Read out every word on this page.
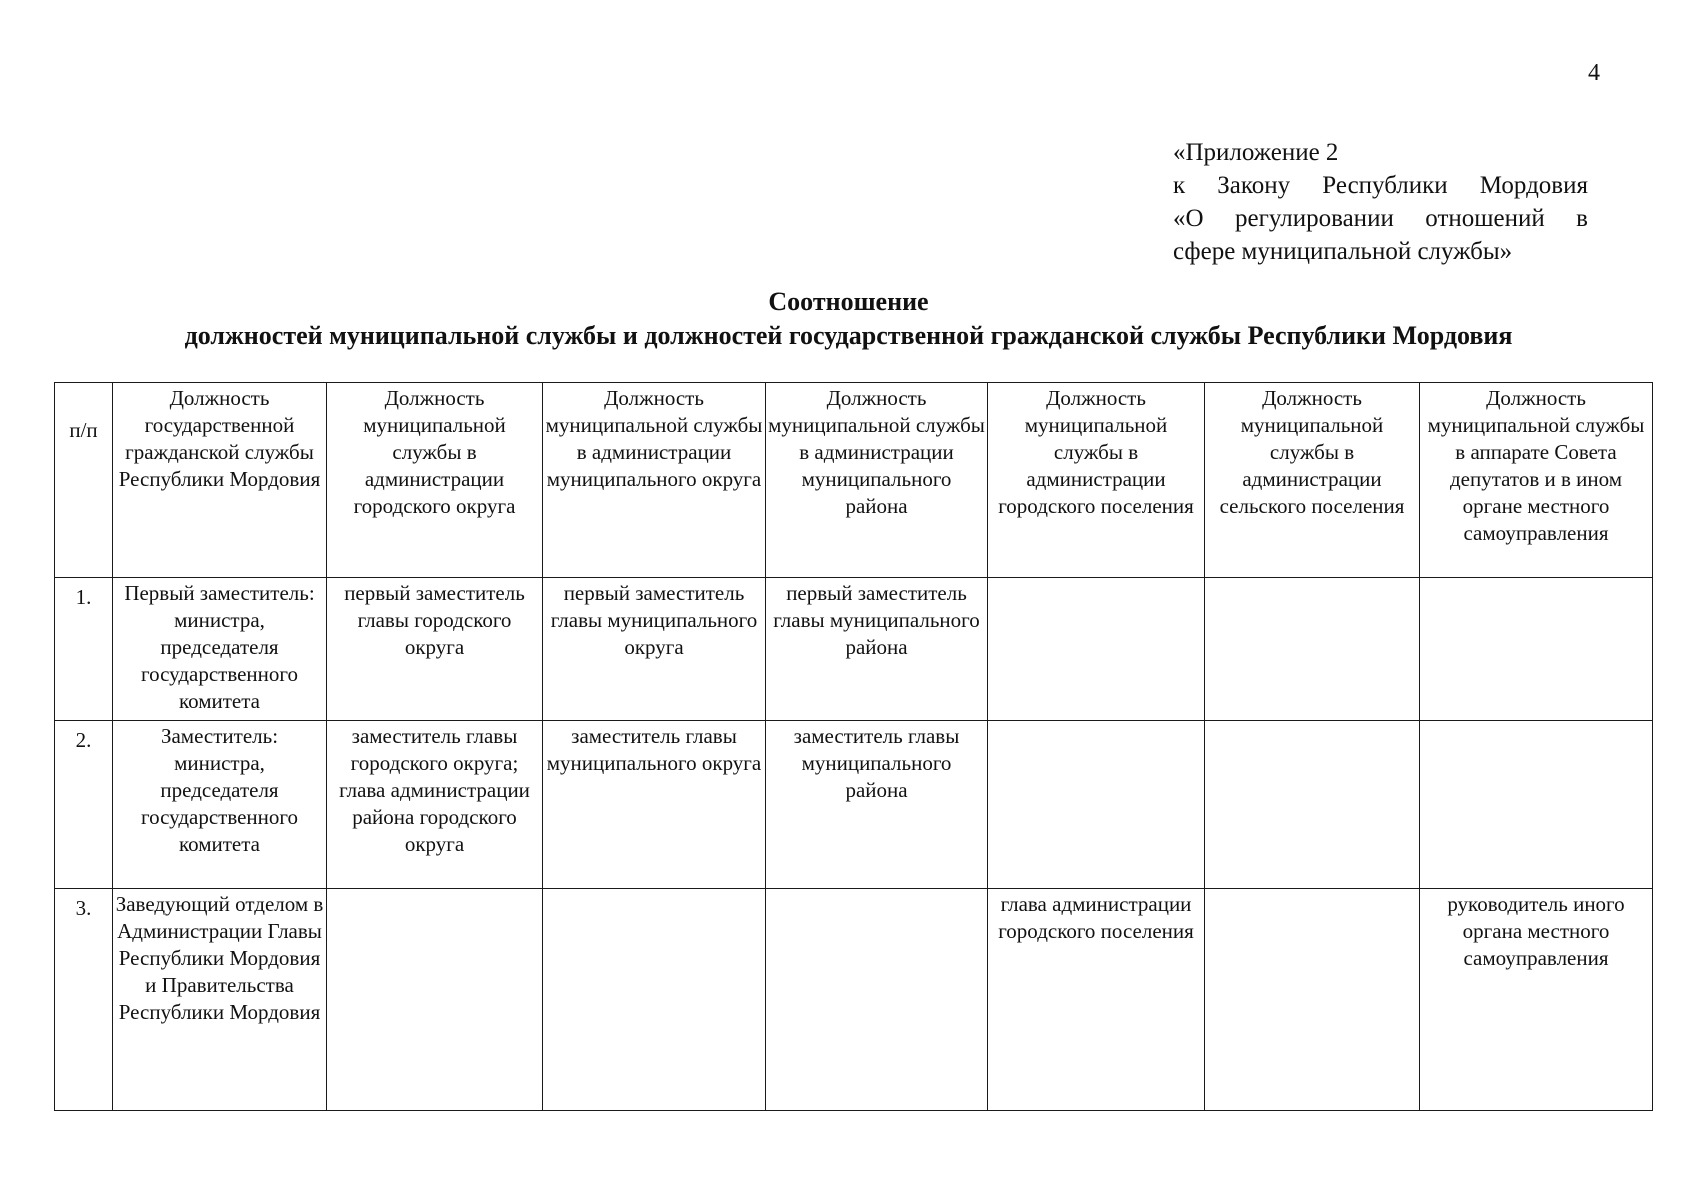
4
«Приложение 2
к Закону Республики Мордовия
«О регулировании отношений в
сфере муниципальной службы»
Соотношение
должностей муниципальной службы и должностей государственной гражданской службы Республики Мордовия
п/п	Должность государственной гражданской службы Республики Мордовия	Должность муниципальной службы в администрации городского округа	Должность муниципальной службы в администрации муниципального округа	Должность муниципальной службы в администрации муниципального района	Должность муниципальной службы в администрации городского поселения	Должность муниципальной службы в администрации сельского поселения	Должность муниципальной службы в аппарате Совета депутатов и в ином органе местного самоуправления
1.	Первый заместитель: министра, председателя государственного комитета	первый заместитель главы городского округа	первый заместитель главы муниципального округа	первый заместитель главы муниципального района			
2.	Заместитель: министра, председателя государственного комитета	заместитель главы городского округа; глава администрации района городского округа	заместитель главы муниципального округа	заместитель главы муниципального района			
3.	Заведующий отделом в Администрации Главы Республики Мордовия и Правительства Республики Мордовия				глава администрации городского поселения		руководитель иного органа местного самоуправления
